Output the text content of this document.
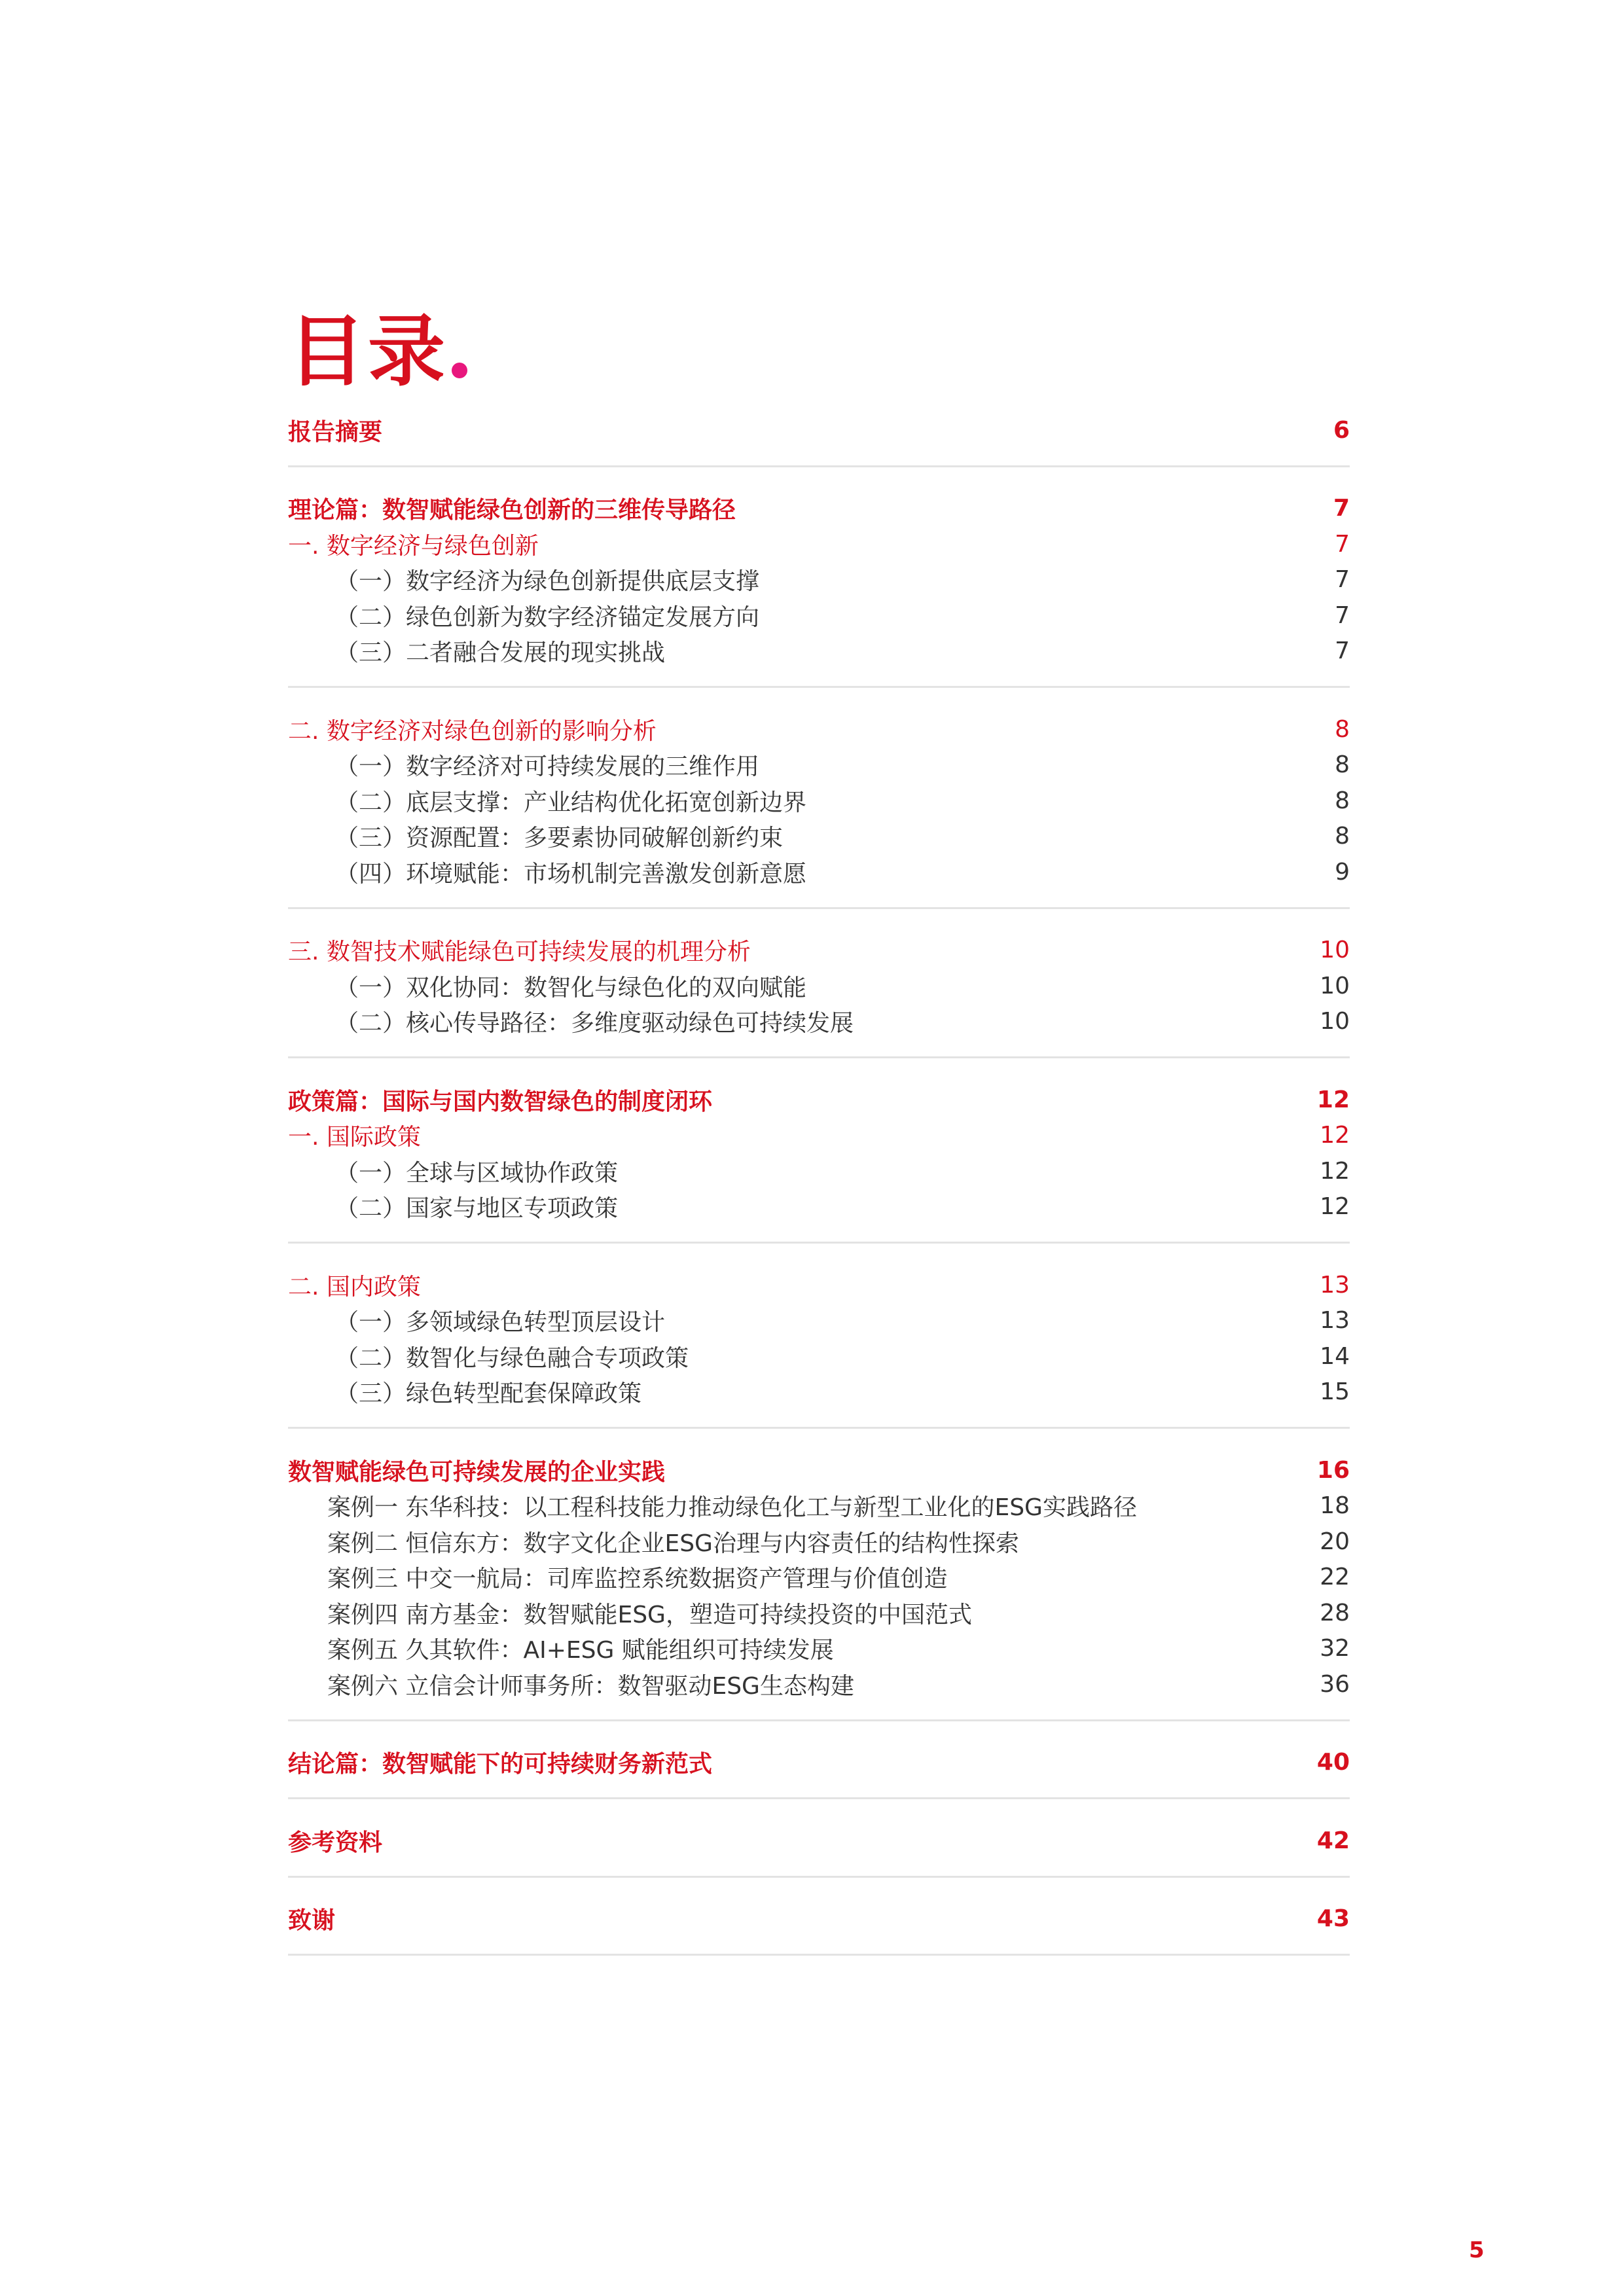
目录
报告摘要	6
理论篇：数智赋能绿色创新的三维传导路径	7
一. 数字经济与绿色创新	7
（一）数字经济为绿色创新提供底层支撑	7
（二）绿色创新为数字经济锚定发展方向	7
（三）二者融合发展的现实挑战	7
二. 数字经济对绿色创新的影响分析	8
（一）数字经济对可持续发展的三维作用	8
（二）底层支撑：产业结构优化拓宽创新边界	8
（三）资源配置：多要素协同破解创新约束	8
（四）环境赋能：市场机制完善激发创新意愿	9
三. 数智技术赋能绿色可持续发展的机理分析	10
（一）双化协同：数智化与绿色化的双向赋能	10
（二）核心传导路径：多维度驱动绿色可持续发展	10
政策篇：国际与国内数智绿色的制度闭环	12
一. 国际政策	12
（一）全球与区域协作政策	12
（二）国家与地区专项政策	12
二. 国内政策	13
（一）多领域绿色转型顶层设计	13
（二）数智化与绿色融合专项政策	14
（三）绿色转型配套保障政策	15
数智赋能绿色可持续发展的企业实践	16
案例一 东华科技：以工程科技能力推动绿色化工与新型工业化的ESG实践路径	18
案例二 恒信东方：数字文化企业ESG治理与内容责任的结构性探索	20
案例三 中交一航局：司库监控系统数据资产管理与价值创造	22
案例四 南方基金：数智赋能ESG，塑造可持续投资的中国范式	28
案例五 久其软件：AI+ESG 赋能组织可持续发展	32
案例六 立信会计师事务所：数智驱动ESG生态构建	36
结论篇：数智赋能下的可持续财务新范式	40
参考资料	42
致谢	43
5
